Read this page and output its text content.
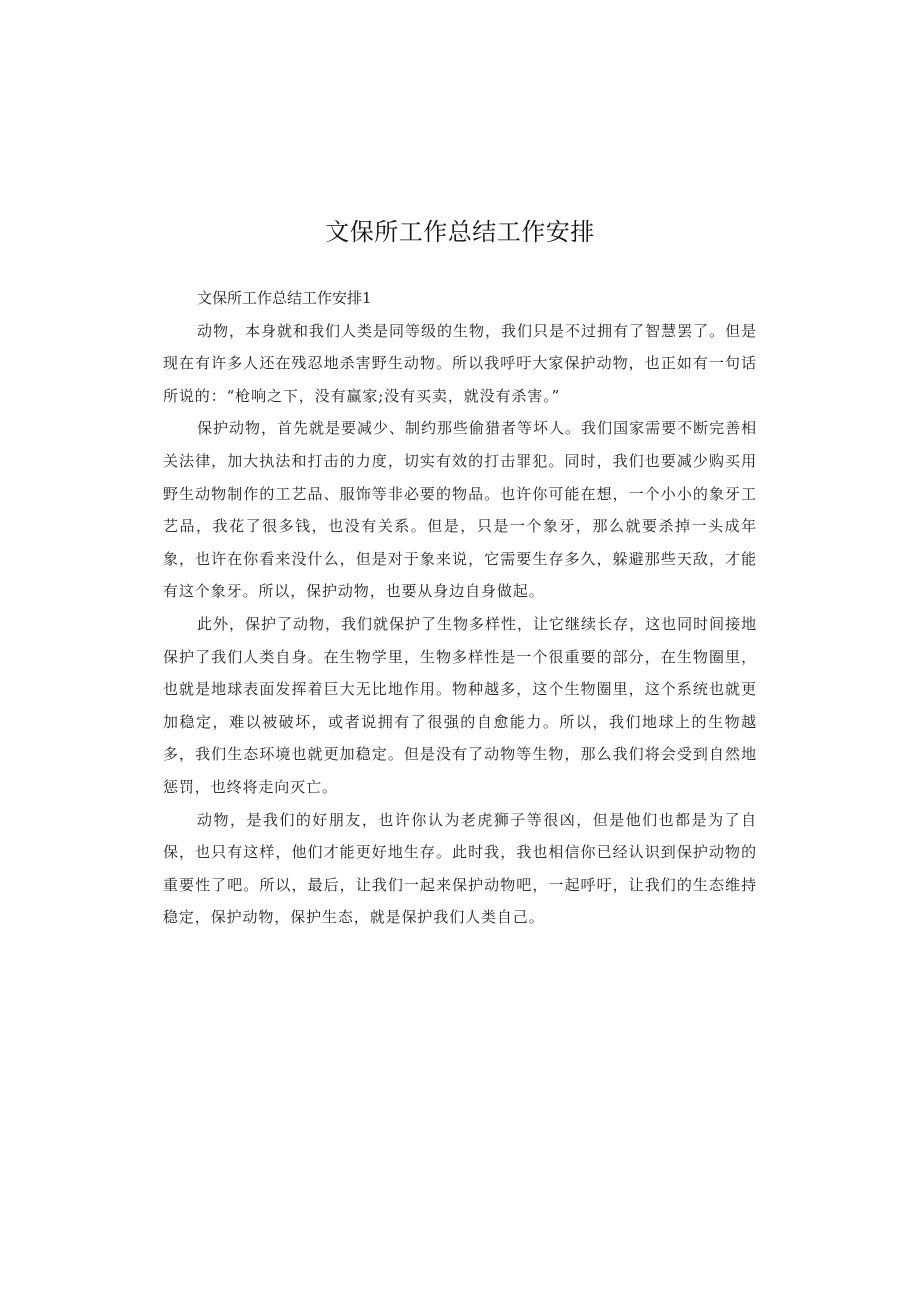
文保所工作总结工作安排

文保所工作总结工作安排1

动物，本身就和我们人类是同等级的生物，我们只是不过拥有了智慧罢了。但是现在有许多人还在残忍地杀害野生动物。所以我呼吁大家保护动物，也正如有一句话所说的：“枪响之下，没有赢家;没有买卖，就没有杀害。”

保护动物，首先就是要减少、制约那些偷猎者等坏人。我们国家需要不断完善相关法律，加大执法和打击的力度，切实有效的打击罪犯。同时，我们也要减少购买用野生动物制作的工艺品、服饰等非必要的物品。也许你可能在想，一个小小的象牙工艺品，我花了很多钱，也没有关系。但是，只是一个象牙，那么就要杀掉一头成年象，也许在你看来没什么，但是对于象来说，它需要生存多久，躲避那些天敌，才能有这个象牙。所以，保护动物，也要从身边自身做起。

此外，保护了动物，我们就保护了生物多样性，让它继续长存，这也同时间接地保护了我们人类自身。在生物学里，生物多样性是一个很重要的部分，在生物圈里，也就是地球表面发挥着巨大无比地作用。物种越多，这个生物圈里，这个系统也就更加稳定，难以被破坏，或者说拥有了很强的自愈能力。所以，我们地球上的生物越多，我们生态环境也就更加稳定。但是没有了动物等生物，那么我们将会受到自然地惩罚，也终将走向灭亡。

动物，是我们的好朋友，也许你认为老虎狮子等很凶，但是他们也都是为了自保，也只有这样，他们才能更好地生存。此时我，我也相信你已经认识到保护动物的重要性了吧。所以，最后，让我们一起来保护动物吧，一起呼吁，让我们的生态维持稳定，保护动物，保护生态，就是保护我们人类自己。
